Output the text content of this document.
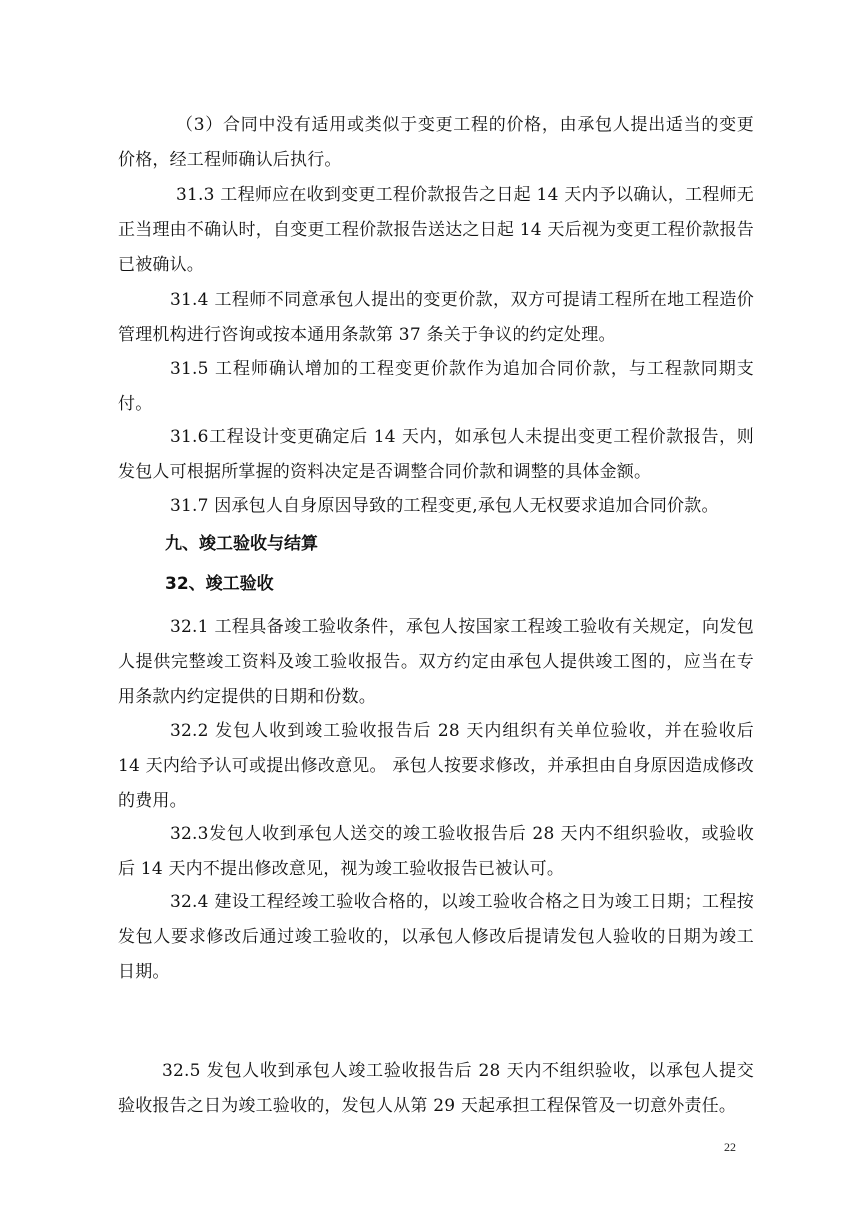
（3）合同中没有适用或类似于变更工程的价格，由承包人提出适当的变更价格，经工程师确认后执行。

31.3 工程师应在收到变更工程价款报告之日起 14 天内予以确认，工程师无正当理由不确认时，自变更工程价款报告送达之日起 14 天后视为变更工程价款报告已被确认。

31.4 工程师不同意承包人提出的变更价款，双方可提请工程所在地工程造价管理机构进行咨询或按本通用条款第 37 条关于争议的约定处理。

31.5 工程师确认增加的工程变更价款作为追加合同价款，与工程款同期支付。

31.6工程设计变更确定后 14 天内，如承包人未提出变更工程价款报告，则发包人可根据所掌握的资料决定是否调整合同价款和调整的具体金额。

31.7 因承包人自身原因导致的工程变更,承包人无权要求追加合同价款。

九、竣工验收与结算

32、竣工验收

32.1 工程具备竣工验收条件，承包人按国家工程竣工验收有关规定，向发包人提供完整竣工资料及竣工验收报告。双方约定由承包人提供竣工图的，应当在专用条款内约定提供的日期和份数。

32.2 发包人收到竣工验收报告后 28 天内组织有关单位验收，并在验收后 14 天内给予认可或提出修改意见。 承包人按要求修改，并承担由自身原因造成修改的费用。

32.3发包人收到承包人送交的竣工验收报告后 28 天内不组织验收，或验收后 14 天内不提出修改意见，视为竣工验收报告已被认可。

32.4 建设工程经竣工验收合格的，以竣工验收合格之日为竣工日期；工程按发包人要求修改后通过竣工验收的，以承包人修改后提请发包人验收的日期为竣工日期。

32.5 发包人收到承包人竣工验收报告后 28 天内不组织验收，以承包人提交验收报告之日为竣工验收的，发包人从第 29 天起承担工程保管及一切意外责任。

22
